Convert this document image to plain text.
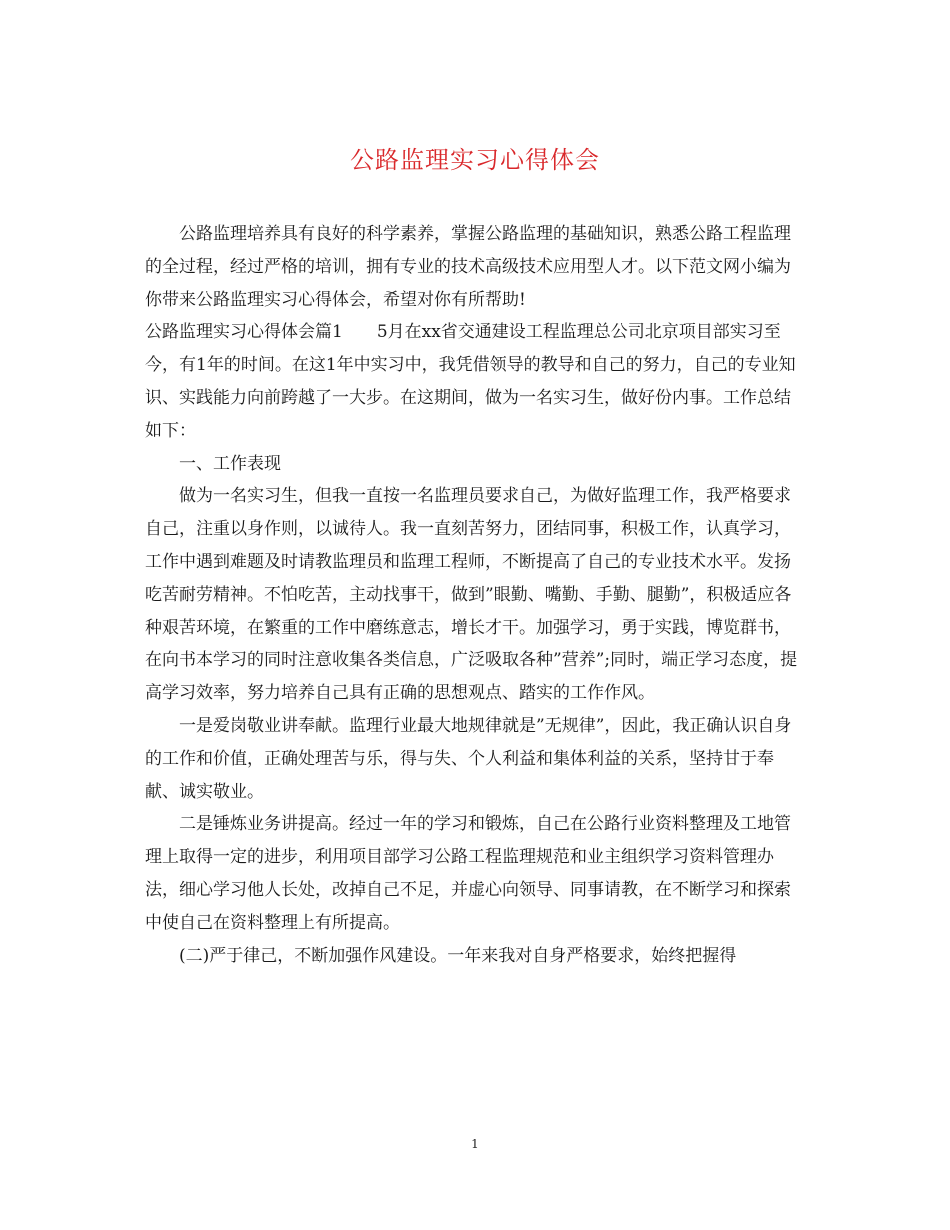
公路监理实习心得体会

公路监理培养具有良好的科学素养，掌握公路监理的基础知识，熟悉公路工程监理的全过程，经过严格的培训，拥有专业的技术高级技术应用型人才。以下范文网小编为你带来公路监理实习心得体会，希望对你有所帮助!

公路监理实习心得体会篇1　　5月在xx省交通建设工程监理总公司北京项目部实习至今，有1年的时间。在这1年中实习中，我凭借领导的教导和自己的努力，自己的专业知识、实践能力向前跨越了一大步。在这期间，做为一名实习生，做好份内事。工作总结如下：

一、工作表现

做为一名实习生，但我一直按一名监理员要求自己，为做好监理工作，我严格要求自己，注重以身作则，以诚待人。我一直刻苦努力，团结同事，积极工作，认真学习，工作中遇到难题及时请教监理员和监理工程师，不断提高了自己的专业技术水平。发扬吃苦耐劳精神。不怕吃苦，主动找事干，做到”眼勤、嘴勤、手勤、腿勤”，积极适应各种艰苦环境，在繁重的工作中磨练意志，增长才干。加强学习，勇于实践，博览群书，在向书本学习的同时注意收集各类信息，广泛吸取各种”营养”;同时，端正学习态度，提高学习效率，努力培养自己具有正确的思想观点、踏实的工作作风。

一是爱岗敬业讲奉献。监理行业最大地规律就是”无规律”，因此，我正确认识自身的工作和价值，正确处理苦与乐，得与失、个人利益和集体利益的关系，坚持甘于奉献、诚实敬业。

二是锤炼业务讲提高。经过一年的学习和锻炼，自己在公路行业资料整理及工地管理上取得一定的进步，利用项目部学习公路工程监理规范和业主组织学习资料管理办法，细心学习他人长处，改掉自己不足，并虚心向领导、同事请教，在不断学习和探索中使自己在资料整理上有所提高。

(二)严于律己，不断加强作风建设。一年来我对自身严格要求，始终把握得

1
